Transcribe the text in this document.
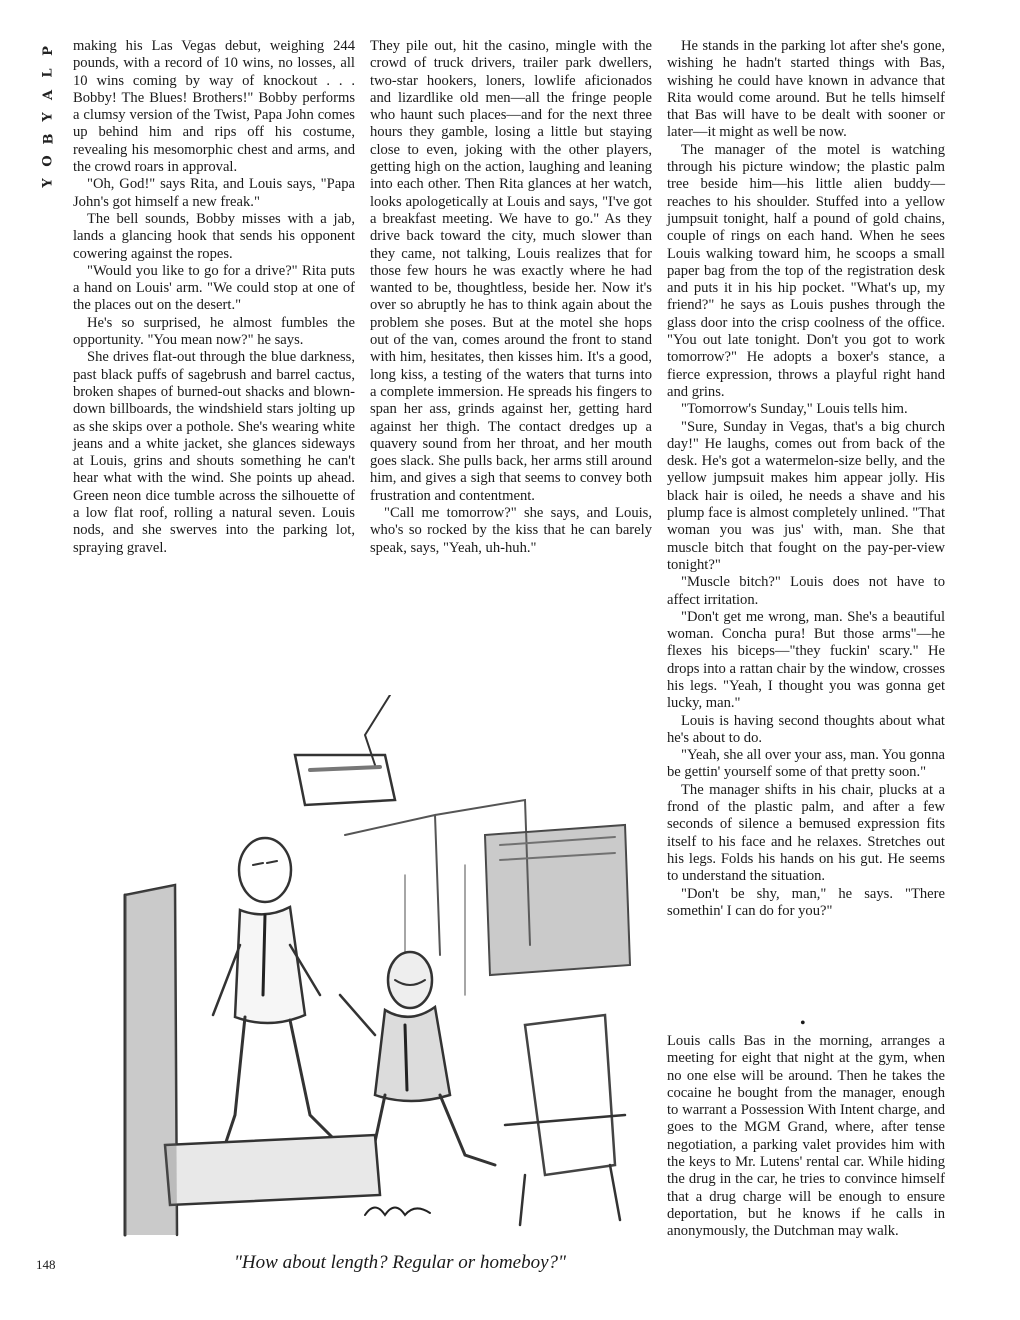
P
L
A
Y
B
O
Y

making his Las Vegas debut, weighing 244 pounds, with a record of 10 wins, no losses, all 10 wins coming by way of knockout . . . Bobby! The Blues! Brothers!" Bobby performs a clumsy version of the Twist, Papa John comes up behind him and rips off his costume, revealing his mesomorphic chest and arms, and the crowd roars in approval.

"Oh, God!" says Rita, and Louis says, "Papa John's got himself a new freak."

The bell sounds, Bobby misses with a jab, lands a glancing hook that sends his opponent cowering against the ropes.

"Would you like to go for a drive?" Rita puts a hand on Louis' arm. "We could stop at one of the places out on the desert."

He's so surprised, he almost fumbles the opportunity. "You mean now?" he says.

She drives flat-out through the blue darkness, past black puffs of sagebrush and barrel cactus, broken shapes of burned-out shacks and blown-down billboards, the windshield stars jolting up as she skips over a pothole. She's wearing white jeans and a white jacket, she glances sideways at Louis, grins and shouts something he can't hear what with the wind. She points up ahead. Green neon dice tumble across the silhouette of a low flat roof, rolling a natural seven. Louis nods, and she swerves into the parking lot, spraying gravel.

They pile out, hit the casino, mingle with the crowd of truck drivers, trailer park dwellers, two-star hookers, loners, lowlife aficionados and lizardlike old men—all the fringe people who haunt such places—and for the next three hours they gamble, losing a little but staying close to even, joking with the other players, getting high on the action, laughing and leaning into each other. Then Rita glances at her watch, looks apologetically at Louis and says, "I've got a breakfast meeting. We have to go." As they drive back toward the city, much slower than they came, not talking, Louis realizes that for those few hours he was exactly where he had wanted to be, thoughtless, beside her. Now it's over so abruptly he has to think again about the problem she poses. But at the motel she hops out of the van, comes around the front to stand with him, hesitates, then kisses him. It's a good, long kiss, a testing of the waters that turns into a complete immersion. He spreads his fingers to span her ass, grinds against her, getting hard against her thigh. The contact dredges up a quavery sound from her throat, and her mouth goes slack. She pulls back, her arms still around him, and gives a sigh that seems to convey both frustration and contentment.

"Call me tomorrow?" she says, and Louis, who's so rocked by the kiss that he can barely speak, says, "Yeah, uh-huh."

He stands in the parking lot after she's gone, wishing he hadn't started things with Bas, wishing he could have known in advance that Rita would come around. But he tells himself that Bas will have to be dealt with sooner or later—it might as well be now.

The manager of the motel is watching through his picture window; the plastic palm tree beside him—his little alien buddy—reaches to his shoulder. Stuffed into a yellow jumpsuit tonight, half a pound of gold chains, couple of rings on each hand. When he sees Louis walking toward him, he scoops a small paper bag from the top of the registration desk and puts it in his hip pocket. "What's up, my friend?" he says as Louis pushes through the glass door into the crisp coolness of the office. "You out late tonight. Don't you got to work tomorrow?" He adopts a boxer's stance, a fierce expression, throws a playful right hand and grins.

"Tomorrow's Sunday," Louis tells him.

"Sure, Sunday in Vegas, that's a big church day!" He laughs, comes out from back of the desk. He's got a watermelon-size belly, and the yellow jumpsuit makes him appear jolly. His black hair is oiled, he needs a shave and his plump face is almost completely unlined. "That woman you was jus' with, man. She that muscle bitch that fought on the pay-per-view tonight?"

"Muscle bitch?" Louis does not have to affect irritation.

"Don't get me wrong, man. She's a beautiful woman. Concha pura! But those arms"—he flexes his biceps—"they fuckin' scary." He drops into a rattan chair by the window, crosses his legs. "Yeah, I thought you was gonna get lucky, man."

Louis is having second thoughts about what he's about to do.

"Yeah, she all over your ass, man. You gonna be gettin' yourself some of that pretty soon."

The manager shifts in his chair, plucks at a frond of the plastic palm, and after a few seconds of silence a bemused expression fits itself to his face and he relaxes. Stretches out his legs. Folds his hands on his gut. He seems to understand the situation.

"Don't be shy, man," he says. "There somethin' I can do for you?"

•

Louis calls Bas in the morning, arranges a meeting for eight that night at the gym, when no one else will be around. Then he takes the cocaine he bought from the manager, enough to warrant a Possession With Intent charge, and goes to the MGM Grand, where, after tense negotiation, a parking valet provides him with the keys to Mr. Lutens' rental car. While hiding the drug in the car, he tries to convince himself that a drug charge will be enough to ensure deportation, but he knows if he calls in anonymously, the Dutchman may walk.

"How about length? Regular or homeboy?"
148
